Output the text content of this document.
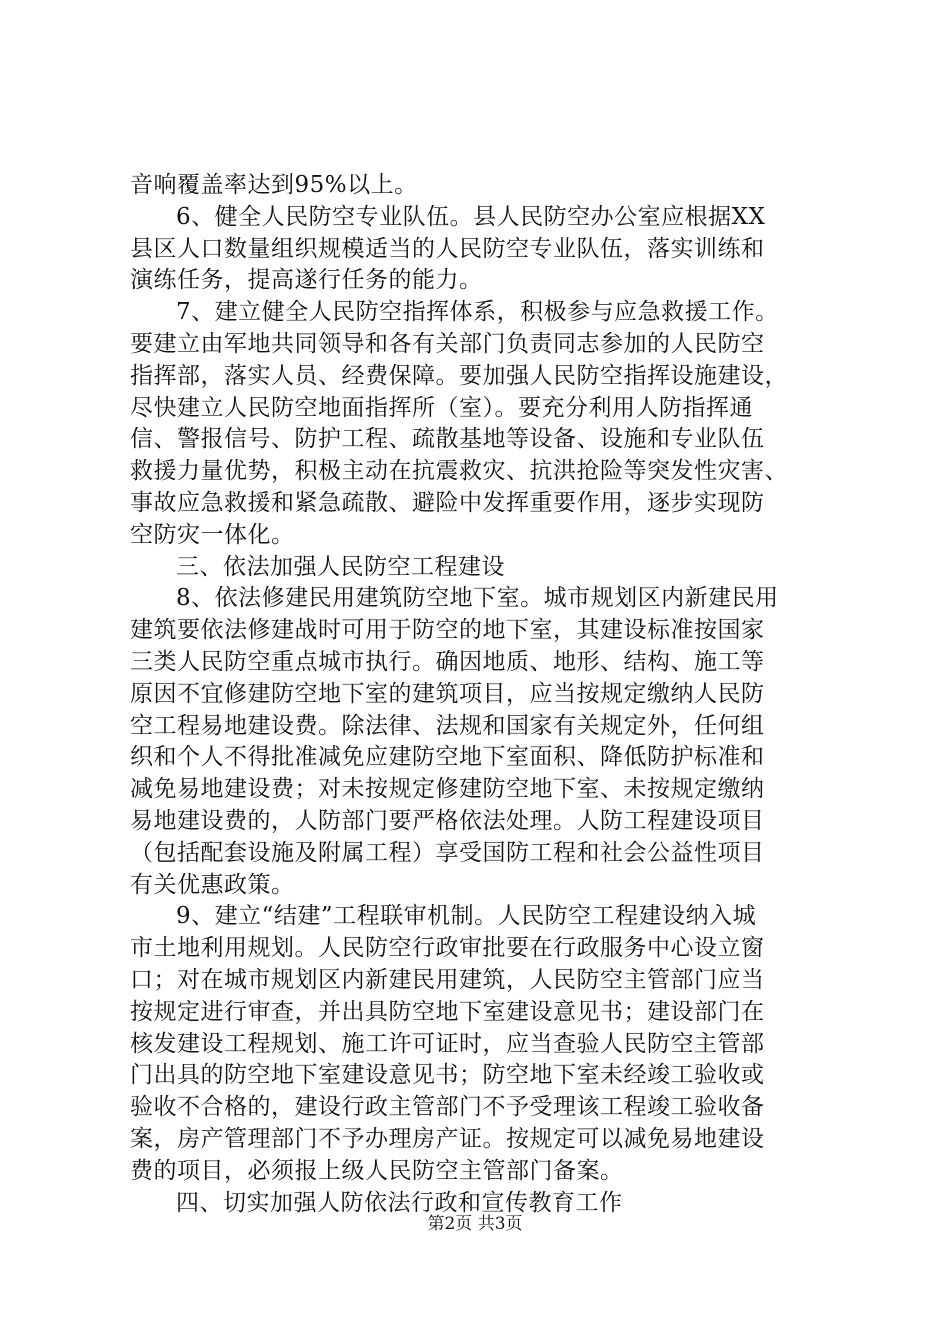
音响覆盖率达到95%以上。
6、健全人民防空专业队伍。县人民防空办公室应根据XX
县区人口数量组织规模适当的人民防空专业队伍，落实训练和
演练任务，提高遂行任务的能力。
7、建立健全人民防空指挥体系，积极参与应急救援工作。
要建立由军地共同领导和各有关部门负责同志参加的人民防空
指挥部，落实人员、经费保障。要加强人民防空指挥设施建设，
尽快建立人民防空地面指挥所（室）。要充分利用人防指挥通
信、警报信号、防护工程、疏散基地等设备、设施和专业队伍
救援力量优势，积极主动在抗震救灾、抗洪抢险等突发性灾害、
事故应急救援和紧急疏散、避险中发挥重要作用，逐步实现防
空防灾一体化。
三、依法加强人民防空工程建设
8、依法修建民用建筑防空地下室。城市规划区内新建民用
建筑要依法修建战时可用于防空的地下室，其建设标准按国家
三类人民防空重点城市执行。确因地质、地形、结构、施工等
原因不宜修建防空地下室的建筑项目，应当按规定缴纳人民防
空工程易地建设费。除法律、法规和国家有关规定外，任何组
织和个人不得批准减免应建防空地下室面积、降低防护标准和
减免易地建设费；对未按规定修建防空地下室、未按规定缴纳
易地建设费的，人防部门要严格依法处理。人防工程建设项目
（包括配套设施及附属工程）享受国防工程和社会公益性项目
有关优惠政策。
9、建立“结建”工程联审机制。人民防空工程建设纳入城
市土地利用规划。人民防空行政审批要在行政服务中心设立窗
口；对在城市规划区内新建民用建筑，人民防空主管部门应当
按规定进行审查，并出具防空地下室建设意见书；建设部门在
核发建设工程规划、施工许可证时，应当查验人民防空主管部
门出具的防空地下室建设意见书；防空地下室未经竣工验收或
验收不合格的，建设行政主管部门不予受理该工程竣工验收备
案，房产管理部门不予办理房产证。按规定可以减免易地建设
费的项目，必须报上级人民防空主管部门备案。
四、切实加强人防依法行政和宣传教育工作
第2页 共3页
